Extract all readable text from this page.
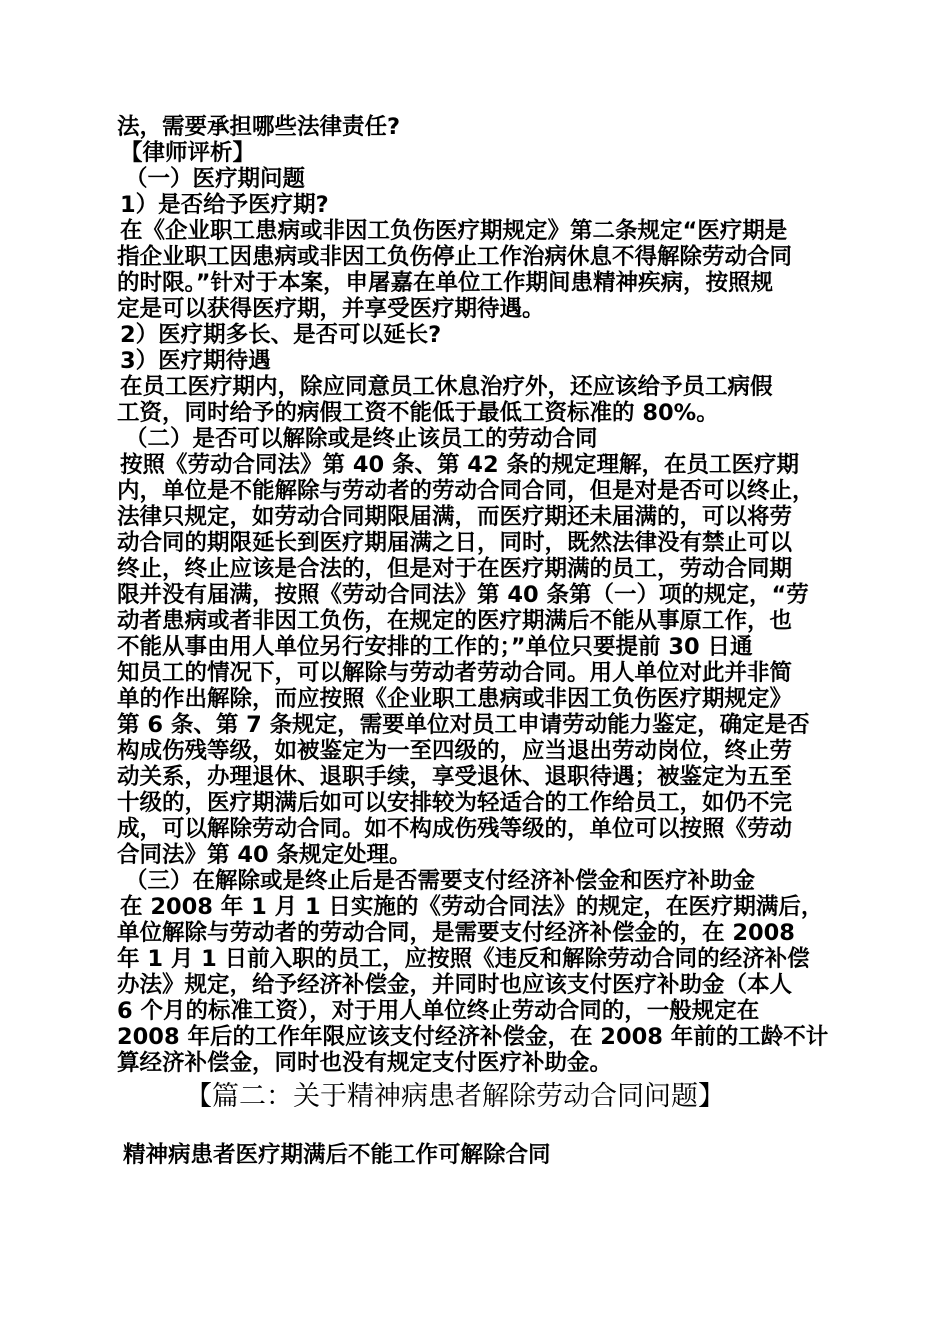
法，需要承担哪些法律责任?
【律师评析】
（一）医疗期问题
1）是否给予医疗期?
在《企业职工患病或非因工负伤医疗期规定》第二条规定“医疗期是
指企业职工因患病或非因工负伤停止工作治病休息不得解除劳动合同
的时限。”针对于本案，申屠嘉在单位工作期间患精神疾病，按照规
定是可以获得医疗期，并享受医疗期待遇。
2）医疗期多长、是否可以延长?
3）医疗期待遇
在员工医疗期内，除应同意员工休息治疗外，还应该给予员工病假
工资，同时给予的病假工资不能低于最低工资标准的 80%。
（二）是否可以解除或是终止该员工的劳动合同
按照《劳动合同法》第 40 条、第 42 条的规定理解，在员工医疗期
内，单位是不能解除与劳动者的劳动合同合同，但是对是否可以终止，
法律只规定，如劳动合同期限届满，而医疗期还未届满的，可以将劳
动合同的期限延长到医疗期届满之日，同时，既然法律没有禁止可以
终止，终止应该是合法的，但是对于在医疗期满的员工，劳动合同期
限并没有届满，按照《劳动合同法》第 40 条第（一）项的规定，“劳
动者患病或者非因工负伤，在规定的医疗期满后不能从事原工作，也
不能从事由用人单位另行安排的工作的；”单位只要提前 30 日通
知员工的情况下，可以解除与劳动者劳动合同。用人单位对此并非简
单的作出解除，而应按照《企业职工患病或非因工负伤医疗期规定》
第 6 条、第 7 条规定，需要单位对员工申请劳动能力鉴定，确定是否
构成伤残等级，如被鉴定为一至四级的，应当退出劳动岗位，终止劳
动关系，办理退休、退职手续，享受退休、退职待遇；被鉴定为五至
十级的，医疗期满后如可以安排较为轻适合的工作给员工，如仍不完
成，可以解除劳动合同。如不构成伤残等级的，单位可以按照《劳动
合同法》第 40 条规定处理。
（三）在解除或是终止后是否需要支付经济补偿金和医疗补助金
在 2008 年 1 月 1 日实施的《劳动合同法》的规定，在医疗期满后，
单位解除与劳动者的劳动合同，是需要支付经济补偿金的，在 2008
年 1 月 1 日前入职的员工，应按照《违反和解除劳动合同的经济补偿
办法》规定，给予经济补偿金，并同时也应该支付医疗补助金（本人
6 个月的标准工资），对于用人单位终止劳动合同的，一般规定在
2008 年后的工作年限应该支付经济补偿金，在 2008 年前的工龄不计
算经济补偿金，同时也没有规定支付医疗补助金。
【篇二：关于精神病患者解除劳动合同问题】
精神病患者医疗期满后不能工作可解除合同
